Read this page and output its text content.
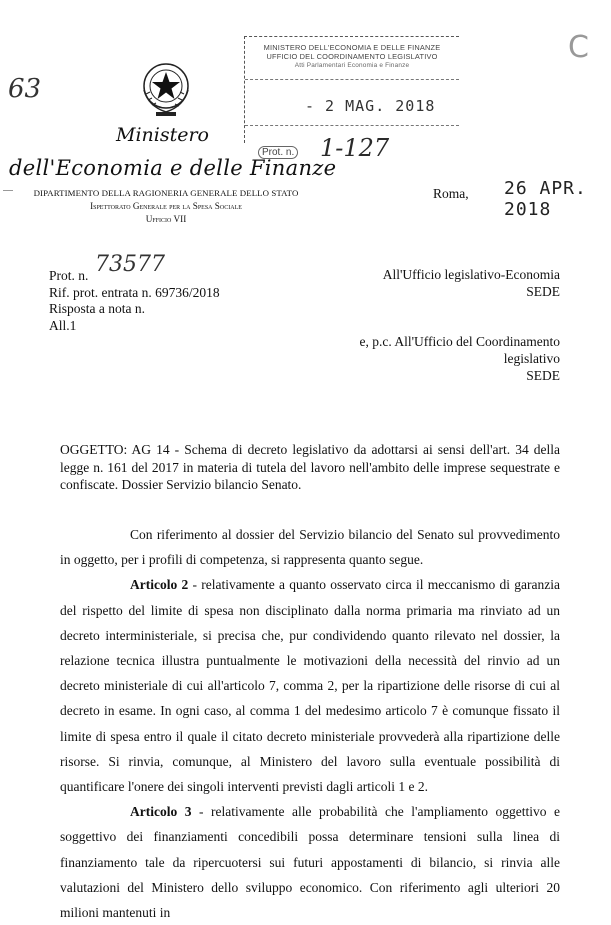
63
C
MINISTERO DELL'ECONOMIA E DELLE FINANZE
UFFICIO DEL COORDINAMENTO LEGISLATIVO
Atti Parlamentari Economia e Finanze
- 2 MAG. 2018
1-127
Ministero
dell'Economia e delle Finanze
Prot. n.
DIPARTIMENTO DELLA RAGIONERIA GENERALE DELLO STATO
Ispettorato Generale per la Spesa Sociale
Ufficio VII
Roma, 26 APR. 2018
Prot. n.
Rif. prot. entrata n. 69736/2018
Risposta a nota n.
All.1
73577	All'Ufficio legislativo-Economia
SEDE
e, p.c. All'Ufficio del Coordinamento
legislativo
SEDE
OGGETTO: AG 14 - Schema di decreto legislativo da adottarsi ai sensi dell'art. 34 della legge n. 161 del 2017 in materia di tutela del lavoro nell'ambito delle imprese sequestrate e confiscate. Dossier Servizio bilancio Senato.

Con riferimento al dossier del Servizio bilancio del Senato sul provvedimento in oggetto, per i profili di competenza, si rappresenta quanto segue.

Articolo 2 - relativamente a quanto osservato circa il meccanismo di garanzia del rispetto del limite di spesa non disciplinato dalla norma primaria ma rinviato ad un decreto interministeriale, si precisa che, pur condividendo quanto rilevato nel dossier, la relazione tecnica illustra puntualmente le motivazioni della necessità del rinvio ad un decreto ministeriale di cui all'articolo 7, comma 2, per la ripartizione delle risorse di cui al decreto in esame. In ogni caso, al comma 1 del medesimo articolo 7 è comunque fissato il limite di spesa entro il quale il citato decreto ministeriale provvederà alla ripartizione delle risorse. Si rinvia, comunque, al Ministero del lavoro sulla eventuale possibilità di quantificare l'onere dei singoli interventi previsti dagli articoli 1 e 2.

Articolo 3 - relativamente alle probabilità che l'ampliamento oggettivo e soggettivo dei finanziamenti concedibili possa determinare tensioni sulla linea di finanziamento tale da ripercuotersi sui futuri appostamenti di bilancio, si rinvia alle valutazioni del Ministero dello sviluppo economico. Con riferimento agli ulteriori 20 milioni mantenuti in
